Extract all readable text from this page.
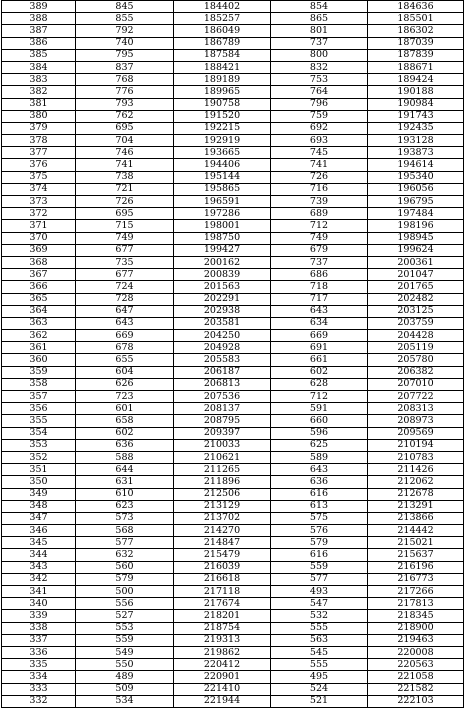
389	845	184402	854	184636
388	855	185257	865	185501
387	792	186049	801	186302
386	740	186789	737	187039
385	795	187584	800	187839
384	837	188421	832	188671
383	768	189189	753	189424
382	776	189965	764	190188
381	793	190758	796	190984
380	762	191520	759	191743
379	695	192215	692	192435
378	704	192919	693	193128
377	746	193665	745	193873
376	741	194406	741	194614
375	738	195144	726	195340
374	721	195865	716	196056
373	726	196591	739	196795
372	695	197286	689	197484
371	715	198001	712	198196
370	749	198750	749	198945
369	677	199427	679	199624
368	735	200162	737	200361
367	677	200839	686	201047
366	724	201563	718	201765
365	728	202291	717	202482
364	647	202938	643	203125
363	643	203581	634	203759
362	669	204250	669	204428
361	678	204928	691	205119
360	655	205583	661	205780
359	604	206187	602	206382
358	626	206813	628	207010
357	723	207536	712	207722
356	601	208137	591	208313
355	658	208795	660	208973
354	602	209397	596	209569
353	636	210033	625	210194
352	588	210621	589	210783
351	644	211265	643	211426
350	631	211896	636	212062
349	610	212506	616	212678
348	623	213129	613	213291
347	573	213702	575	213866
346	568	214270	576	214442
345	577	214847	579	215021
344	632	215479	616	215637
343	560	216039	559	216196
342	579	216618	577	216773
341	500	217118	493	217266
340	556	217674	547	217813
339	527	218201	532	218345
338	553	218754	555	218900
337	559	219313	563	219463
336	549	219862	545	220008
335	550	220412	555	220563
334	489	220901	495	221058
333	509	221410	524	221582
332	534	221944	521	222103
